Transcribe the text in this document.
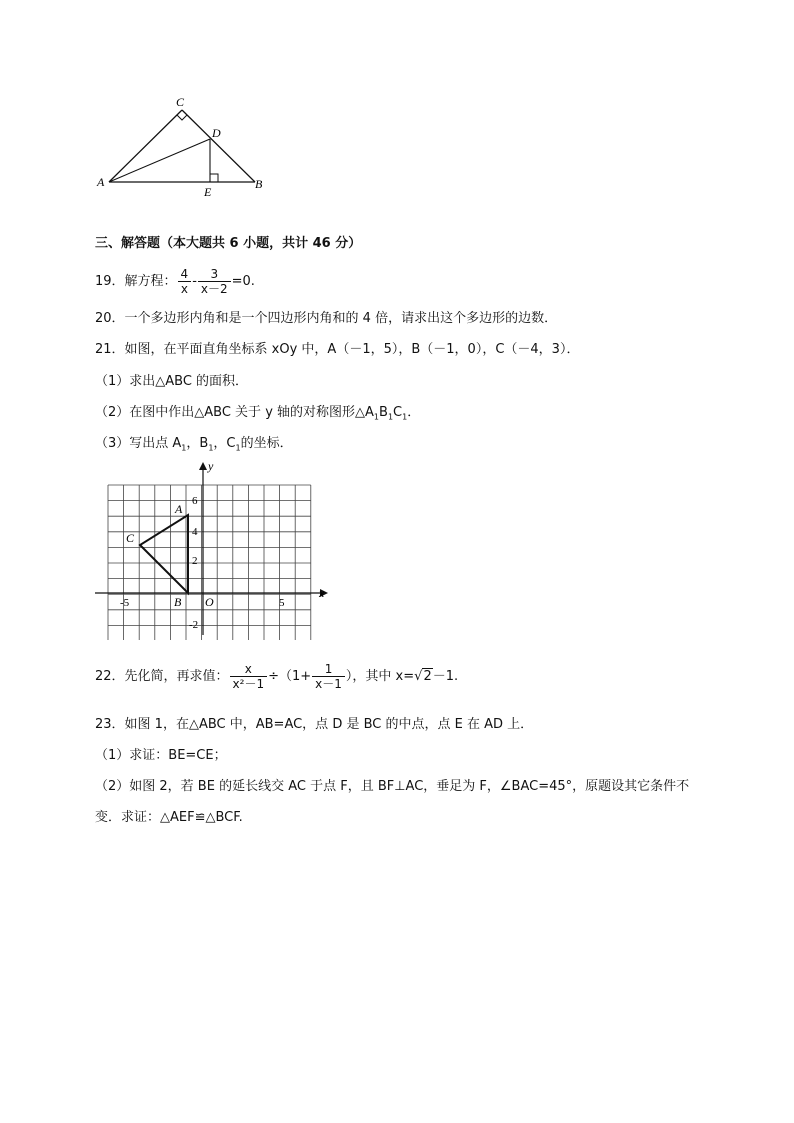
C
D
A
E
B
三、解答题（本大题共 6 小题，共计 46 分）
19．解方程： $\frac{4}{x} - \frac{3}{x-2} =0$.
20．一个多边形内角和是一个四边形内角和的 4 倍，请求出这个多边形的边数．
21．如图，在平面直角坐标系 xOy 中，A（－1，5），B（－1，0），C（－4，3）．
（1）求出△ABC 的面积．
（2）在图中作出△ABC 关于 y 轴的对称图形$\triangle A_1B_1C_1$．
（3）写出点 $A_1$，$B_1$，$C_1$的坐标．
x
y
O
6
4
2
-2
-5	5
A
C
B
22．先化简，再求值： $\frac{x}{\text{x²－1}} \div(1+ \frac{1}{x-1}$ ），其中 x=√2－1.
23．如图 1，在△ABC 中，AB=AC，点 D 是 BC 的中点，点 E 在 AD 上．
（1）求证：BE=CE；
（2）如图 2，若 BE 的延长线交 AC 于点 F，且 BF⊥AC，垂足为 F，∠BAC=45°，原题设其它条件不
变．求证：△AEF≌△BCF.
